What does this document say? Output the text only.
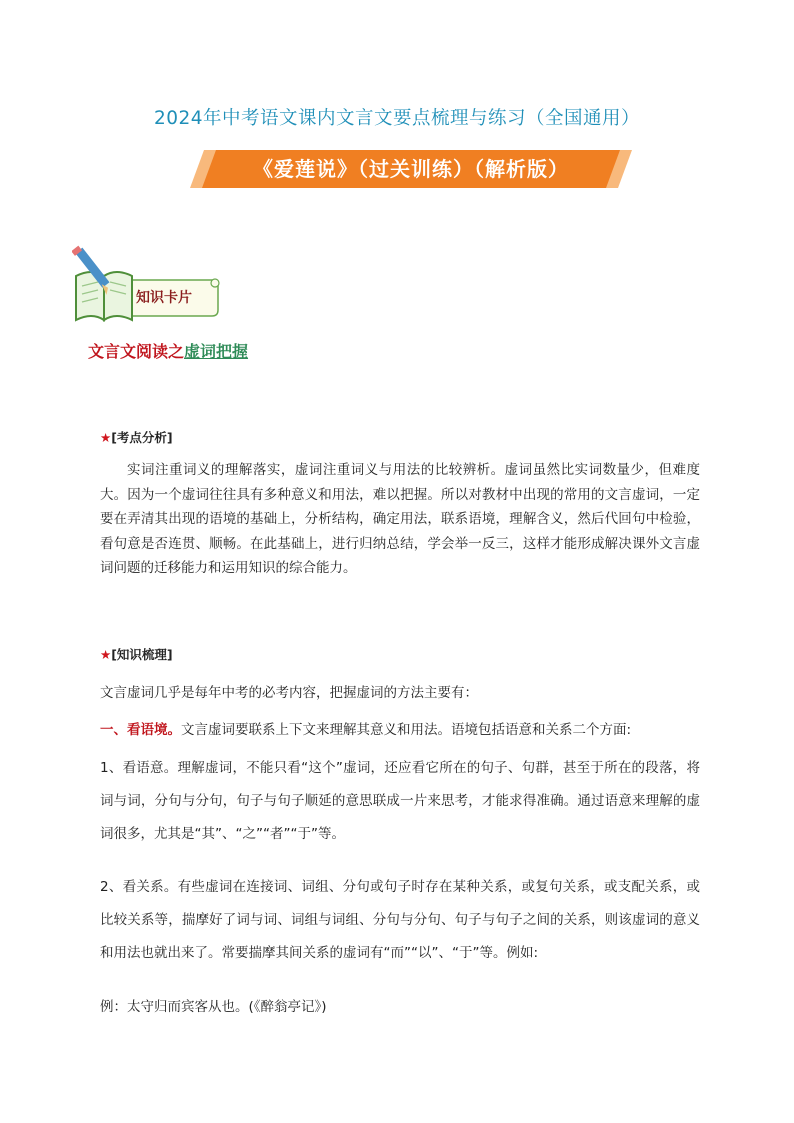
2024年中考语文课内文言文要点梳理与练习（全国通用）
《爱莲说》（过关训练）（解析版）
知识卡片
文言文阅读之虚词把握
★[考点分析]
实词注重词义的理解落实，虚词注重词义与用法的比较辨析。虚词虽然比实词数量少，但难度大。因为一个虚词往往具有多种意义和用法，难以把握。所以对教材中出现的常用的文言虚词，一定要在弄清其出现的语境的基础上，分析结构，确定用法，联系语境，理解含义，然后代回句中检验，看句意是否连贯、顺畅。在此基础上，进行归纳总结，学会举一反三，这样才能形成解决课外文言虚词问题的迁移能力和运用知识的综合能力。
★[知识梳理]
文言虚词几乎是每年中考的必考内容，把握虚词的方法主要有：
一、看语境。文言虚词要联系上下文来理解其意义和用法。语境包括语意和关系二个方面:
1、看语意。理解虚词，不能只看“这个”虚词，还应看它所在的句子、句群，甚至于所在的段落，将词与词，分句与分句，句子与句子顺延的意思联成一片来思考，才能求得准确。通过语意来理解的虚词很多，尤其是“其”、“之”“者”“于”等。
2、看关系。有些虚词在连接词、词组、分句或句子时存在某种关系，或复句关系，或支配关系，或比较关系等，揣摩好了词与词、词组与词组、分句与分句、句子与句子之间的关系，则该虚词的意义和用法也就出来了。常要揣摩其间关系的虚词有“而”“以”、“于”等。例如:
例：太守归而宾客从也。(《醉翁亭记》)
